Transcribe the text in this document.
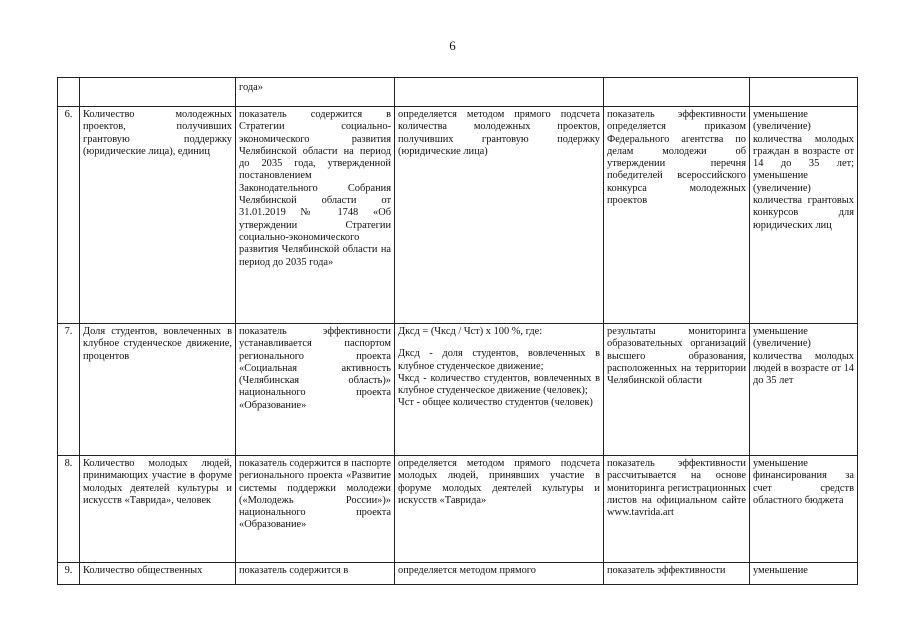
6
		года»			
6.	Количество молодежных проектов, получивших грантовую поддержку (юридические лица), единиц	показатель содержится в Стратегии социально-экономического развития Челябинской области на период до 2035 года, утвержденной постановлением Законодательного Собрания Челябинской области от 31.01.2019 № 1748 «Об утверждении Стратегии социально-экономического развития Челябинской области на период до 2035 года»	определяется методом прямого подсчета количества молодежных проектов, получивших грантовую подержку (юридические лица)	показатель эффективности определяется приказом Федерального агентства по делам молодежи об утверждении перечня победителей всероссийского конкурса молодежных проектов	уменьшение (увеличение) количества молодых граждан в возрасте от 14 до 35 лет; уменьшение (увеличение) количества грантовых конкурсов для юридических лиц
7.	Доля студентов, вовлеченных в клубное студенческое движение, процентов	показатель эффективности устанавливается паспортом регионального проекта «Социальная активность (Челябинская область)» национального проекта «Образование»	Дксд = (Чксд / Чст) x 100 %, где:

Дксд - доля студентов, вовлеченных в клубное студенческое движение;

Чксд - количество студентов, вовлеченных в клубное студенческое движение (человек);

Чст - общее количество студентов (человек)	результаты мониторинга образовательных организаций высшего образования, расположенных на территории Челябинской области	уменьшение (увеличение) количества молодых людей в возрасте от 14 до 35 лет
8.	Количество молодых людей, принимающих участие в форуме молодых деятелей культуры и искусств «Таврида», человек	показатель содержится в паспорте регионального проекта «Развитие системы поддержки молодежи («Молодежь России»)» национального проекта «Образование»	определяется методом прямого подсчета молодых людей, принявших участие в форуме молодых деятелей культуры и искусств «Таврида»	показатель эффективности рассчитывается на основе мониторинга регистрационных листов на официальном сайте www.tavrida.art	уменьшение финансирования за счет средств областного бюджета
9.	Количество общественных	показатель содержится в	определяется методом прямого	показатель эффективности	уменьшение
